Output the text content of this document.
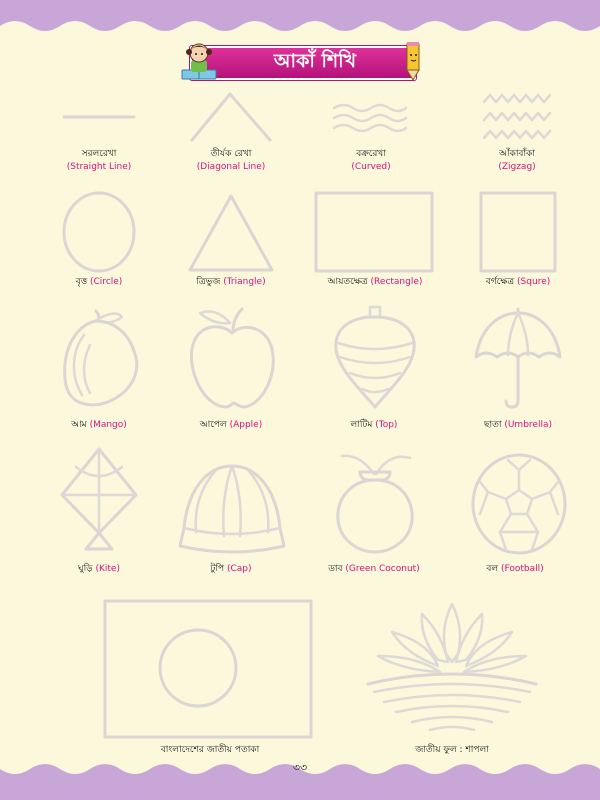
আকাঁ শিখি
সরলরেখা
(Straight Line)
তীর্যক রেখা
(Diagonal Line)
বক্ররেখা
(Curved)
আঁকাবাঁকা
(Zigzag)
বৃত্ত (Circle)	ত্রিভুজ (Triangle)	আয়তক্ষেত্র (Rectangle)	বর্গক্ষেত্র (Squre)
আম (Mango)	আপেল (Apple)	লাটিম (Top)	ছাতা (Umbrella)
ঘুড়ি (Kite)	টুপি (Cap)	ডাব (Green Coconut)	বল (Football)
বাংলাদেশের জাতীয় পতাকা	জাতীয় ফুল : শাপলা
৩৩
